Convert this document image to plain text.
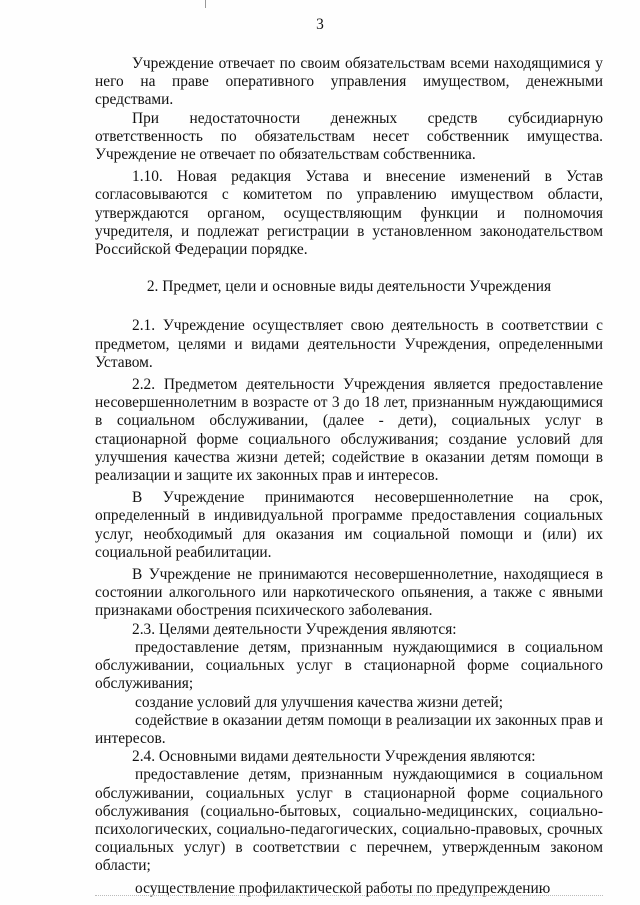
3

Учреждение отвечает по своим обязательствам всеми находящимися у него на праве оперативного управления имуществом, денежными средствами.

При недостаточности денежных средств субсидиарную ответственность по обязательствам несет собственник имущества. Учреждение не отвечает по обязательствам собственника.

1.10. Новая редакция Устава и внесение изменений в Устав согласовываются с комитетом по управлению имуществом области, утверждаются органом, осуществляющим функции и полномочия учредителя, и подлежат регистрации в установленном законодательством Российской Федерации порядке.

2. Предмет, цели и основные виды деятельности Учреждения

2.1. Учреждение осуществляет свою деятельность в соответствии с предметом, целями и видами деятельности Учреждения, определенными Уставом.

2.2. Предметом деятельности Учреждения является предоставление несовершеннолетним в возрасте от 3 до 18 лет, признанным нуждающимися в социальном обслуживании, (далее - дети), социальных услуг в стационарной форме социального обслуживания; создание условий для улучшения качества жизни детей; содействие в оказании детям помощи в реализации и защите их законных прав и интересов.

В Учреждение принимаются несовершеннолетние на срок, определенный в индивидуальной программе предоставления социальных услуг, необходимый для оказания им социальной помощи и (или) их социальной реабилитации.

В Учреждение не принимаются несовершеннолетние, находящиеся в состоянии алкогольного или наркотического опьянения, а также с явными признаками обострения психического заболевания.

2.3. Целями деятельности Учреждения являются:

предоставление детям, признанным нуждающимися в социальном обслуживании, социальных услуг в стационарной форме социального обслуживания;

создание условий для улучшения качества жизни детей;

содействие в оказании детям помощи в реализации их законных прав и интересов.

2.4. Основными видами деятельности Учреждения являются:

предоставление детям, признанным нуждающимися в социальном обслуживании, социальных услуг в стационарной форме социального обслуживания (социально-бытовых, социально-медицинских, социально-психологических, социально-педагогических, социально-правовых, срочных социальных услуг) в соответствии с перечнем, утвержденным законом области;

осуществление профилактической работы по предупреждению
